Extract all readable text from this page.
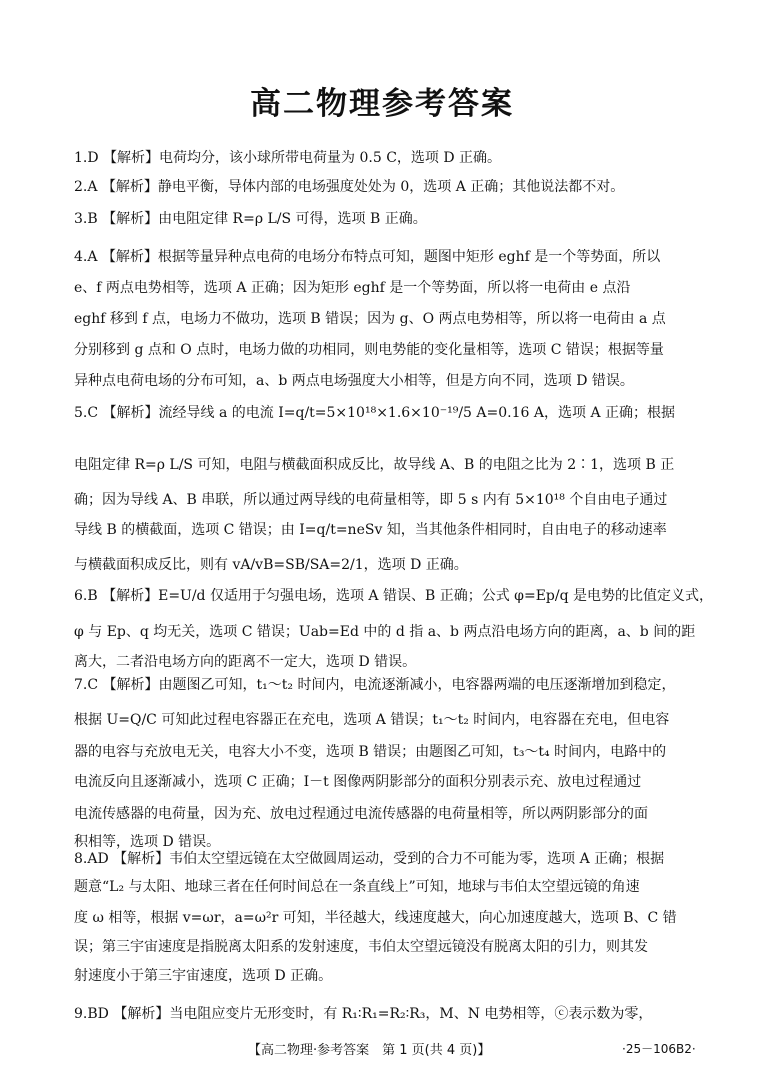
高二物理参考答案
1.D 【解析】电荷均分，该小球所带电荷量为 0.5 C，选项 D 正确。
2.A 【解析】静电平衡，导体内部的电场强度处处为 0，选项 A 正确；其他说法都不对。
3.B 【解析】由电阻定律 R=ρ L/S 可得，选项 B 正确。
4.A 【解析】根据等量异种点电荷的电场分布特点可知，题图中矩形 eghf 是一个等势面，所以
e、f 两点电势相等，选项 A 正确；因为矩形 eghf 是一个等势面，所以将一电荷由 e 点沿
eghf 移到 f 点，电场力不做功，选项 B 错误；因为 g、O 两点电势相等，所以将一电荷由 a 点
分别移到 g 点和 O 点时，电场力做的功相同，则电势能的变化量相等，选项 C 错误；根据等量
异种点电荷电场的分布可知，a、b 两点电场强度大小相等，但是方向不同，选项 D 错误。
5.C 【解析】流经导线 a 的电流 I=q/t=5×10¹⁸×1.6×10⁻¹⁹/5 A=0.16 A，选项 A 正确；根据
电阻定律 R=ρ L/S 可知，电阻与横截面积成反比，故导线 A、B 的电阻之比为 2∶1，选项 B 正
确；因为导线 A、B 串联，所以通过两导线的电荷量相等，即 5 s 内有 5×10¹⁸ 个自由电子通过
导线 B 的横截面，选项 C 错误；由 I=q/t=neSv 知，当其他条件相同时，自由电子的移动速率
与横截面积成反比，则有 vA/vB=SB/SA=2/1，选项 D 正确。
6.B 【解析】E=U/d 仅适用于匀强电场，选项 A 错误、B 正确；公式 φ=Ep/q 是电势的比值定义式，
φ 与 Ep、q 均无关，选项 C 错误；Uab=Ed 中的 d 指 a、b 两点沿电场方向的距离，a、b 间的距
离大，二者沿电场方向的距离不一定大，选项 D 错误。
7.C 【解析】由题图乙可知，t₁～t₂ 时间内，电流逐渐减小，电容器两端的电压逐渐增加到稳定，
根据 U=Q/C 可知此过程电容器正在充电，选项 A 错误；t₁～t₂ 时间内，电容器在充电，但电容
器的电容与充放电无关，电容大小不变，选项 B 错误；由题图乙可知，t₃～t₄ 时间内，电路中的
电流反向且逐渐减小，选项 C 正确；I－t 图像两阴影部分的面积分别表示充、放电过程通过
电流传感器的电荷量，因为充、放电过程通过电流传感器的电荷量相等，所以两阴影部分的面
积相等，选项 D 错误。
8.AD 【解析】韦伯太空望远镜在太空做圆周运动，受到的合力不可能为零，选项 A 正确；根据
题意“L₂ 与太阳、地球三者在任何时间总在一条直线上”可知，地球与韦伯太空望远镜的角速
度 ω 相等，根据 v=ωr，a=ω²r 可知，半径越大，线速度越大，向心加速度越大，选项 B、C 错
误；第三宇宙速度是指脱离太阳系的发射速度，韦伯太空望远镜没有脱离太阳的引力，则其发
射速度小于第三宇宙速度，选项 D 正确。
9.BD 【解析】当电阻应变片无形变时，有 R₁∶R₁=R₂∶R₃，M、N 电势相等，ⓒ表示数为零，
【高二物理·参考答案　第 1 页(共 4 页)】	·25－106B2·
